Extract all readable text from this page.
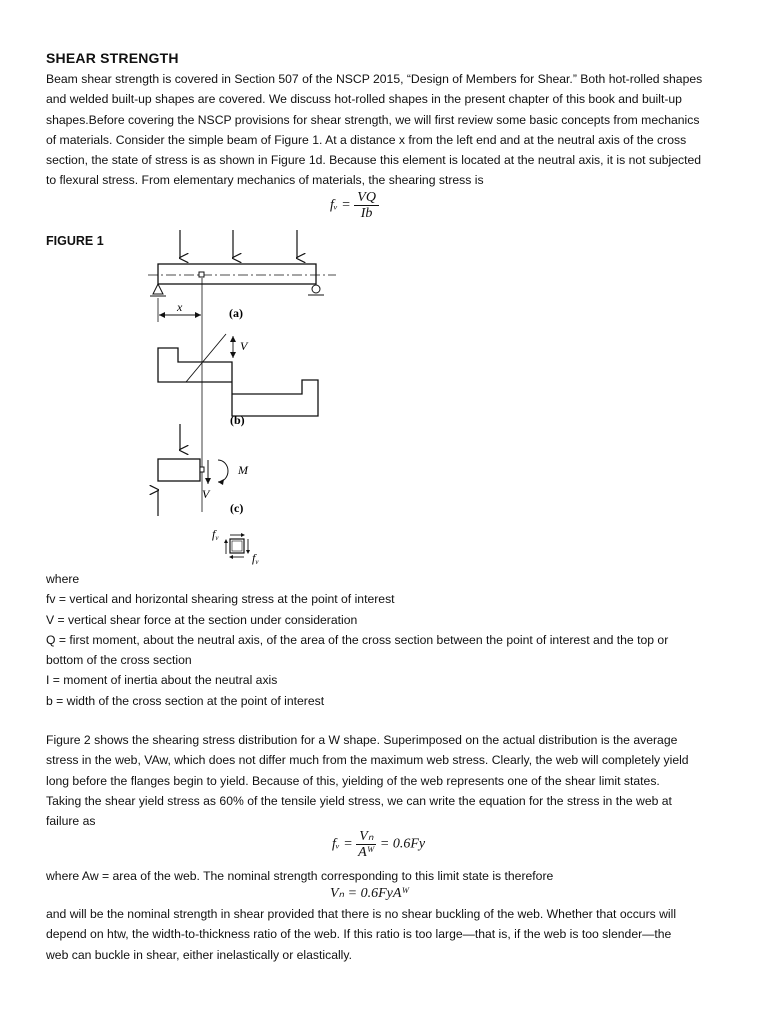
SHEAR STRENGTH

Beam shear strength is covered in Section 507 of the NSCP 2015, “Design of Members for Shear.” Both hot-rolled shapes
and welded built-up shapes are covered. We discuss hot-rolled shapes in the present chapter of this book and built-up
shapes.Before covering the NSCP provisions for shear strength, we will first review some basic concepts from mechanics
of materials. Consider the simple beam of Figure 1. At a distance x from the left end and at the neutral axis of the cross
section, the state of stress is as shown in Figure 1d. Because this element is located at the neutral axis, it is not subjected
to flexural stress. From elementary mechanics of materials, the shearing stress is

fᵥ = $\frac{VQ}{Ib}$
FIGURE 1
x	(a)
V
(b)
M
V
(c)
fv
fv

where
fv = vertical and horizontal shearing stress at the point of interest
V = vertical shear force at the section under consideration
Q = first moment, about the neutral axis, of the area of the cross section between the point of interest and the top or
bottom of the cross section
I = moment of inertia about the neutral axis
b = width of the cross section at the point of interest

Figure 2 shows the shearing stress distribution for a W shape. Superimposed on the actual distribution is the average
stress in the web, VAw, which does not differ much from the maximum web stress. Clearly, the web will completely yield
long before the flanges begin to yield. Because of this, yielding of the web represents one of the shear limit states.
Taking the shear yield stress as 60% of the tensile yield stress, we can write the equation for the stress in the web at
failure as

fᵥ = $\frac{\text{Vₙ}}{\text{Aᵂ}} = 0.6Fy$

where Aw = area of the web. The nominal strength corresponding to this limit state is therefore

Vₙ = 0.6FyAᵂ

and will be the nominal strength in shear provided that there is no shear buckling of the web. Whether that occurs will
depend on htw, the width-to-thickness ratio of the web. If this ratio is too large—that is, if the web is too slender—the
web can buckle in shear, either inelastically or elastically.
